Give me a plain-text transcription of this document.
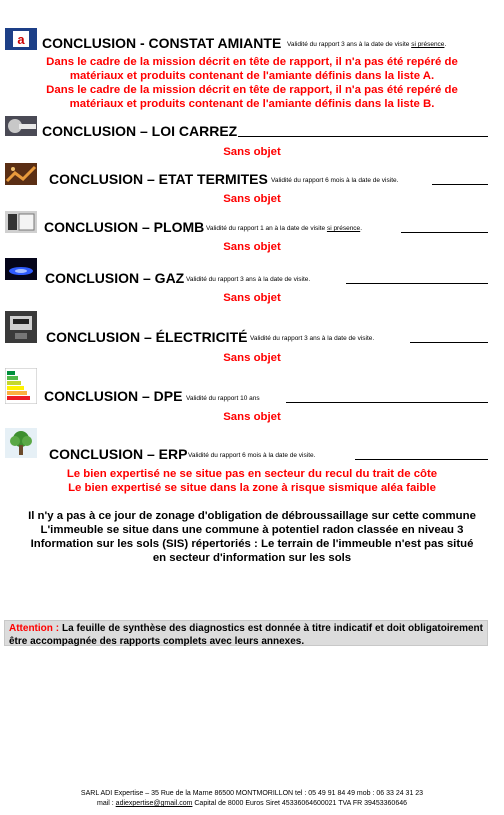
a CONCLUSION - CONSTAT AMIANTE Validité du rapport 3 ans à la date de visite si présence.
Dans le cadre de la mission décrit en tête de rapport, il n'a pas été repéré de
matériaux et produits contenant de l'amiante définis dans la liste A.
Dans le cadre de la mission décrit en tête de rapport, il n'a pas été repéré de
matériaux et produits contenant de l'amiante définis dans la liste B.
CONCLUSION – LOI CARREZ
Sans objet
CONCLUSION – ETAT TERMITES Validité du rapport 6 mois à la date de visite.
Sans objet
CONCLUSION – PLOMB Validité du rapport 1 an à la date de visite si présence.
Sans objet
CONCLUSION – GAZ Validité du rapport 3 ans à la date de visite.
Sans objet
CONCLUSION – ÉLECTRICITÉ Validité du rapport 3 ans à la date de visite.
Sans objet
CONCLUSION – DPE Validité du rapport 10 ans
Sans objet
CONCLUSION – ERP Validité du rapport 6 mois à la date de visite.
Le bien expertisé ne se situe pas en secteur du recul du trait de côte
Le bien expertisé se situe dans la zone à risque sismique aléa faible
Il n'y a pas à ce jour de zonage d'obligation de débroussaillage sur cette commune
L'immeuble se situe dans une commune à potentiel radon classée en niveau 3
Information sur les sols (SIS) répertoriés : Le terrain de l'immeuble n'est pas situé
en secteur d'information sur les sols
Attention : La feuille de synthèse des diagnostics est donnée à titre indicatif et doit obligatoirement être accompagnée des rapports complets avec leurs annexes.
SARL ADI Expertise – 35 Rue de la Marne 86500 MONTMORILLON tel : 05 49 91 84 49 mob : 06 33 24 31 23
mail : adiexpertise@gmail.com Capital de 8000 Euros Siret 45336064600021 TVA FR 39453360646
